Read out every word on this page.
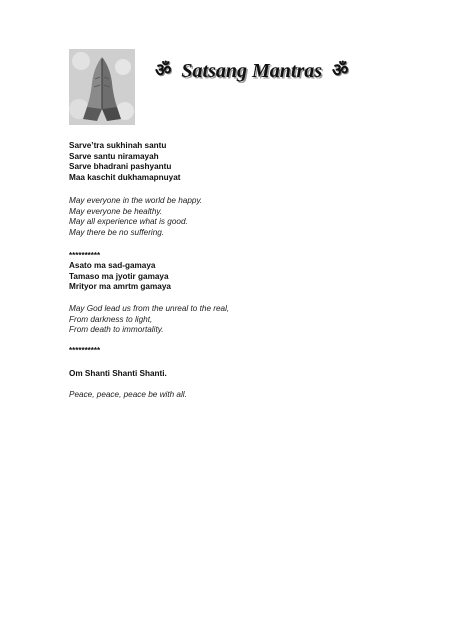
ॐ Satsang Mantras ॐ
Sarve’tra sukhinah santu
Sarve santu niramayah
Sarve bhadrani pashyantu
Maa kaschit dukhamapnuyat
May everyone in the world be happy.
May everyone be healthy.
May all experience what is good.
May there be no suffering.
**********
Asato ma sad-gamaya
Tamaso ma jyotir gamaya
Mrityor ma amrtm gamaya
May God lead us from the unreal to the real,
From darkness to light,
From death to immortality.
**********
Om Shanti Shanti Shanti.
Peace, peace, peace be with all.
